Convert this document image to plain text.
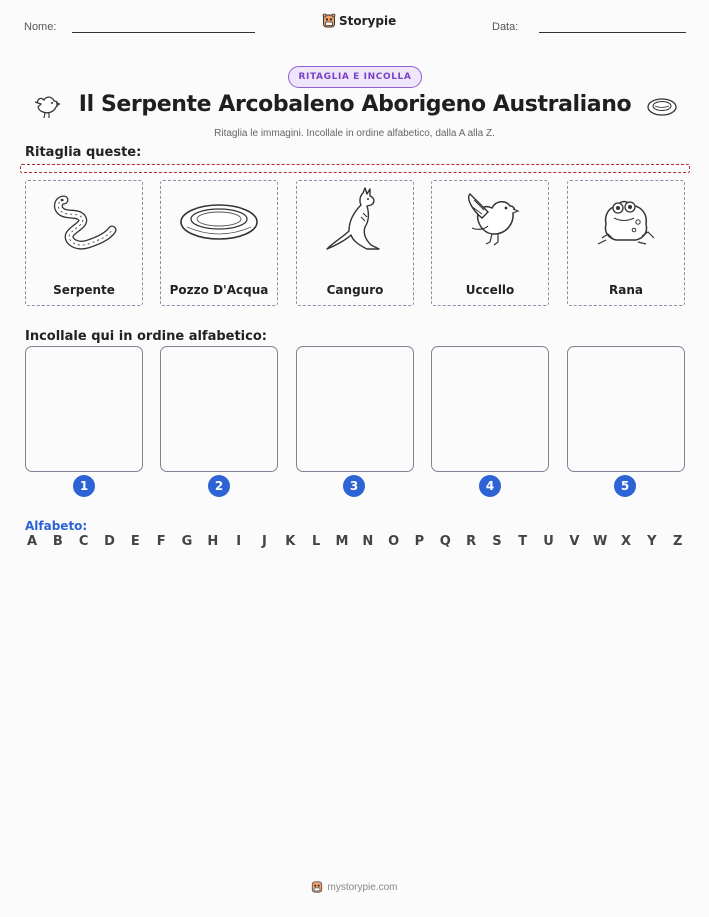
Nome:	Storypie	Data:
RITAGLIA E INCOLLA
Il Serpente Arcobaleno Aborigeno Australiano
Ritaglia le immagini. Incollale in ordine alfabetico, dalla A alla Z.
Ritaglia queste:
Serpente	Pozzo D'Acqua	Canguro	Uccello	Rana
Incollale qui in ordine alfabetico:
1	2	3	4	5
Alfabeto:
A B C D E F G H	I	J	K L M N O P Q R S T U V W X Y Z
mystorypie.com
